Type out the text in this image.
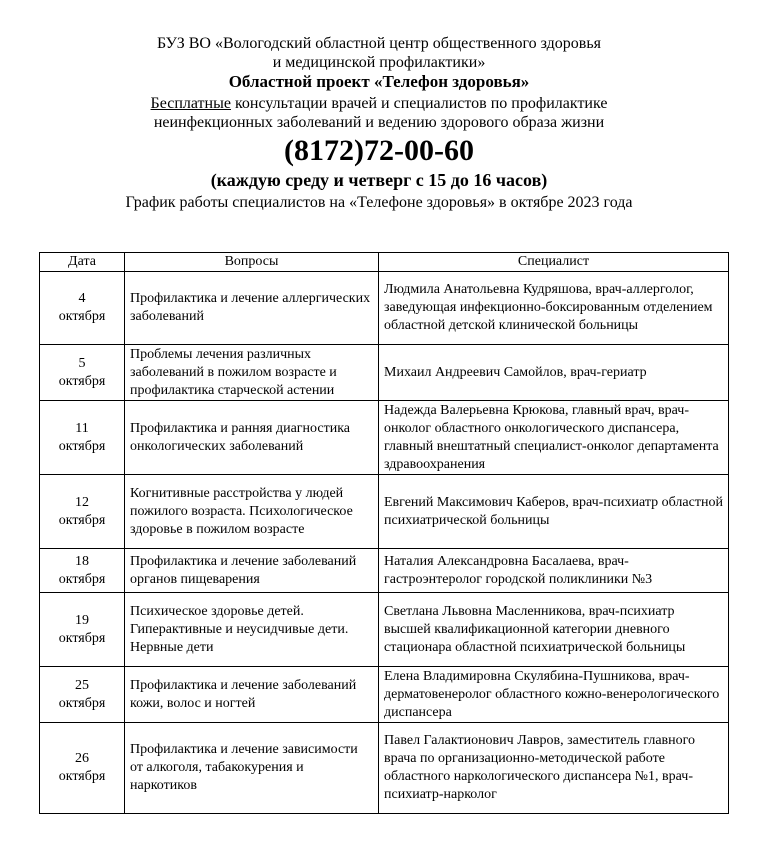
БУЗ ВО «Вологодский областной центр общественного здоровья
и медицинской профилактики»
Областной проект «Телефон здоровья»
Бесплатные консультации врачей и специалистов по профилактике
неинфекционных заболеваний и ведению здорового образа жизни
(8172)72-00-60
(каждую среду и четверг с 15 до 16 часов)
График работы специалистов на «Телефоне здоровья» в октябре 2023 года
Дата	Вопросы	Специалист

4
октября	Профилактика и лечение аллергических заболеваний	Людмила Анатольевна Кудряшова, врач-аллерголог, заведующая инфекционно-боксированным отделением областной детской клинической больницы

5
октября	Проблемы лечения различных заболеваний в пожилом возрасте и профилактика старческой астении	Михаил Андреевич Самойлов, врач-гериатр

11
октября	Профилактика и ранняя диагностика онкологических заболеваний	Надежда Валерьевна Крюкова, главный врач, врач-онколог областного онкологического диспансера, главный внештатный специалист-онколог департамента здравоохранения

12
октября	Когнитивные расстройства у людей пожилого возраста. Психологическое здоровье в пожилом возрасте	Евгений Максимович Каберов, врач-психиатр областной психиатрической больницы

18
октября	Профилактика и лечение заболеваний органов пищеварения	Наталия Александровна Басалаева, врач-гастроэнтеролог городской поликлиники №3

19
октября	Психическое здоровье детей. Гиперактивные и неусидчивые дети. Нервные дети	Светлана Львовна Масленникова, врач-психиатр высшей квалификационной категории дневного стационара областной психиатрической больницы

25
октября	Профилактика и лечение заболеваний кожи, волос и ногтей	Елена Владимировна Скулябина-Пушникова, врач-дерматовенеролог областного кожно-венерологического диспансера

26
октября	Профилактика и лечение зависимости от алкоголя, табакокурения и наркотиков	Павел Галактионович Лавров, заместитель главного врача по организационно-методической работе областного наркологического диспансера №1, врач-психиатр-нарколог
